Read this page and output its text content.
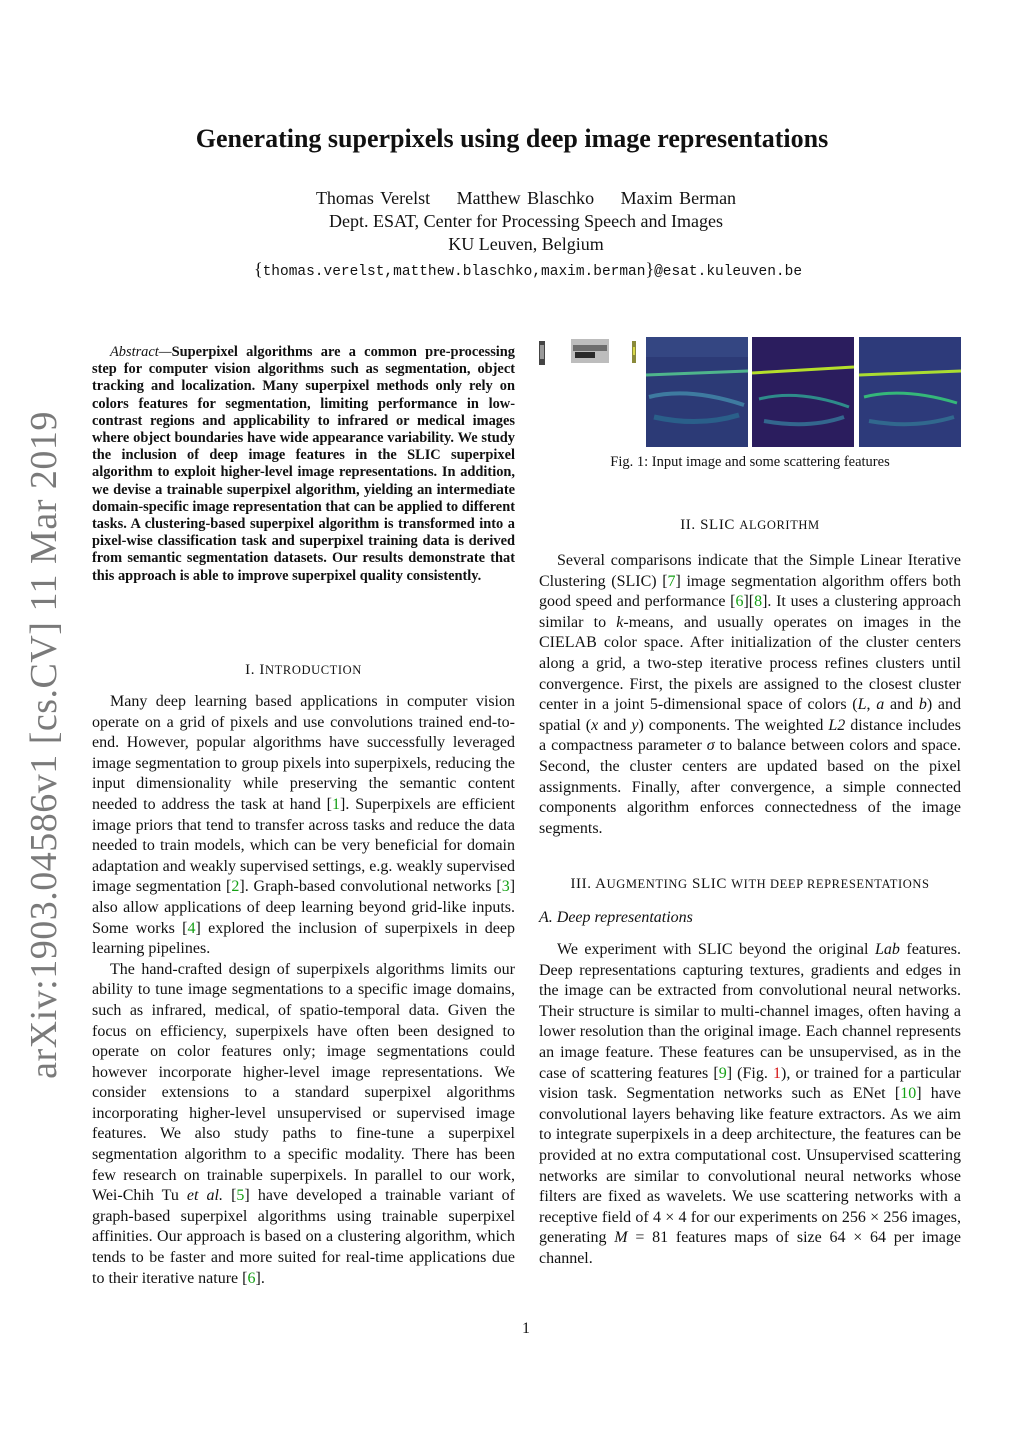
arXiv:1903.04586v1 [cs.CV] 11 Mar 2019
Generating superpixels using deep image representations
Thomas Verelst Matthew Blaschko Maxim Berman
Dept. ESAT, Center for Processing Speech and Images
KU Leuven, Belgium
{thomas.verelst,matthew.blaschko,maxim.berman}@esat.kuleuven.be
Abstract—Superpixel algorithms are a common pre-processing step for computer vision algorithms such as segmentation, object tracking and localization. Many superpixel methods only rely on colors features for segmentation, limiting performance in low-contrast regions and applicability to infrared or medical images where object boundaries have wide appearance variability. We study the inclusion of deep image features in the SLIC superpixel algorithm to exploit higher-level image representations. In addition, we devise a trainable superpixel algorithm, yielding an intermediate domain-specific image representation that can be applied to different tasks. A clustering-based superpixel algorithm is transformed into a pixel-wise classification task and superpixel training data is derived from semantic segmentation datasets. Our results demonstrate that this approach is able to improve superpixel quality consistently.
I. INTRODUCTION

Many deep learning based applications in computer vision operate on a grid of pixels and use convolutions trained end-to-end. However, popular algorithms have successfully leveraged image segmentation to group pixels into superpixels, reducing the input dimensionality while preserving the semantic content needed to address the task at hand [1]. Superpixels are efficient image priors that tend to transfer across tasks and reduce the data needed to train models, which can be very beneficial for domain adaptation and weakly supervised settings, e.g. weakly supervised image segmentation [2]. Graph-based convolutional networks [3] also allow applications of deep learning beyond grid-like inputs. Some works [4] explored the inclusion of superpixels in deep learning pipelines.

The hand-crafted design of superpixels algorithms limits our ability to tune image segmentations to a specific image domains, such as infrared, medical, of spatio-temporal data. Given the focus on efficiency, superpixels have often been designed to operate on color features only; image segmentations could however incorporate higher-level image representations. We consider extensions to a standard superpixel algorithms incorporating higher-level unsupervised or supervised image features. We also study paths to fine-tune a superpixel segmentation algorithm to a specific modality. There has been few research on trainable superpixels. In parallel to our work, Wei-Chih Tu et al. [5] have developed a trainable variant of graph-based superpixel algorithms using trainable superpixel affinities. Our approach is based on a clustering algorithm, which tends to be faster and more suited for real-time applications due to their iterative nature [6].

Fig. 1: Input image and some scattering features
II. SLIC ALGORITHM

Several comparisons indicate that the Simple Linear Iterative Clustering (SLIC) [7] image segmentation algorithm offers both good speed and performance [6][8]. It uses a clustering approach similar to k-means, and usually operates on images in the CIELAB color space. After initialization of the cluster centers along a grid, a two-step iterative process refines clusters until convergence. First, the pixels are assigned to the closest cluster center in a joint 5-dimensional space of colors (L, a and b) and spatial (x and y) components. The weighted L2 distance includes a compactness parameter σ to balance between colors and space. Second, the cluster centers are updated based on the pixel assignments. Finally, after convergence, a simple connected components algorithm enforces connectedness of the image segments.

III. AUGMENTING SLIC WITH DEEP REPRESENTATIONS
A. Deep representations

We experiment with SLIC beyond the original Lab features. Deep representations capturing textures, gradients and edges in the image can be extracted from convolutional neural networks. Their structure is similar to multi-channel images, often having a lower resolution than the original image. Each channel represents an image feature. These features can be unsupervised, as in the case of scattering features [9] (Fig. 1), or trained for a particular vision task. Segmentation networks such as ENet [10] have convolutional layers behaving like feature extractors. As we aim to integrate superpixels in a deep architecture, the features can be provided at no extra computational cost. Unsupervised scattering networks are similar to convolutional neural networks whose filters are fixed as wavelets. We use scattering networks with a receptive field of 4 × 4 for our experiments on 256 × 256 images, generating M = 81 features maps of size 64 × 64 per image channel.

1
